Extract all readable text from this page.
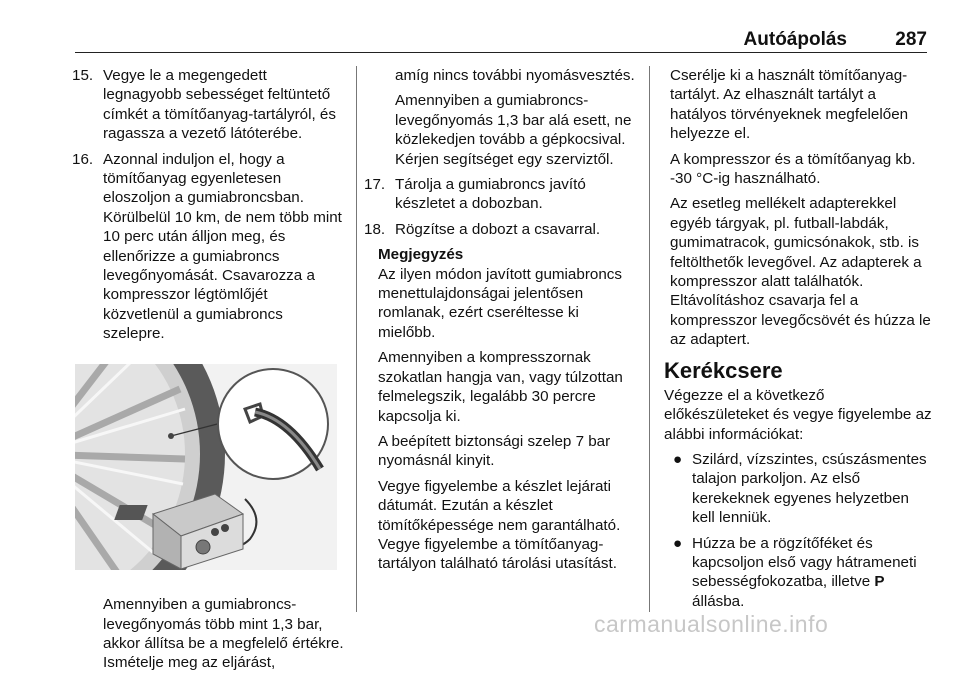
Autóápolás	287
15. Vegye le a megengedett legnagyobb sebességet feltüntető címkét a tömítőanyag-tartályról, és ragassza a vezető látóterébe.
16. Azonnal induljon el, hogy a tömítőanyag egyenletesen eloszoljon a gumiabroncsban. Körülbelül 10 km, de nem több mint 10 perc után álljon meg, és ellenőrizze a gumiabroncs levegőnyomását. Csavarozza a kompresszor légtömlőjét közvetlenül a gumiabroncs szelepre.

Amennyiben a gumiabroncs-levegőnyomás több mint 1,3 bar, akkor állítsa be a megfelelő értékre. Ismételje meg az eljárást,

amíg nincs további nyomásvesztés.

Amennyiben a gumiabroncs-levegőnyomás 1,3 bar alá esett, ne közlekedjen tovább a gépkocsival. Kérjen segítséget egy szerviztől.

17. Tárolja a gumiabroncs javító készletet a dobozban.
18. Rögzítse a dobozt a csavarral.
Megjegyzés

Az ilyen módon javított gumiabroncs menettulajdonságai jelentősen romlanak, ezért cseréltesse ki mielőbb.

Amennyiben a kompresszornak szokatlan hangja van, vagy túlzottan felmelegszik, legalább 30 percre kapcsolja ki.

A beépített biztonsági szelep 7 bar nyomásnál kinyit.

Vegye figyelembe a készlet lejárati dátumát. Ezután a készlet tömítőképessége nem garantálható. Vegye figyelembe a tömítőanyag-tartályon található tárolási utasítást.

Cserélje ki a használt tömítőanyag-tartályt. Az elhasznált tartályt a hatályos törvényeknek megfelelően helyezze el.

A kompresszor és a tömítőanyag kb. -30 °C-ig használható.

Az esetleg mellékelt adapterekkel egyéb tárgyak, pl. futball-labdák, gumimatracok, gumicsónakok, stb. is feltölthetők levegővel. Az adapterek a kompresszor alatt találhatók. Eltávolításhoz csavarja fel a kompresszor levegőcsövét és húzza le az adaptert.

Kerékcsere

Végezze el a következő előkészületeket és vegye figyelembe az alábbi információkat:

● Szilárd, vízszintes, csúszásmentes talajon parkoljon. Az első kerekeknek egyenes helyzetben kell lenniük.
● Húzza be a rögzítőféket és kapcsoljon első vagy hátrameneti sebességfokozatba, illetve P állásba.
carmanualsonline.info
